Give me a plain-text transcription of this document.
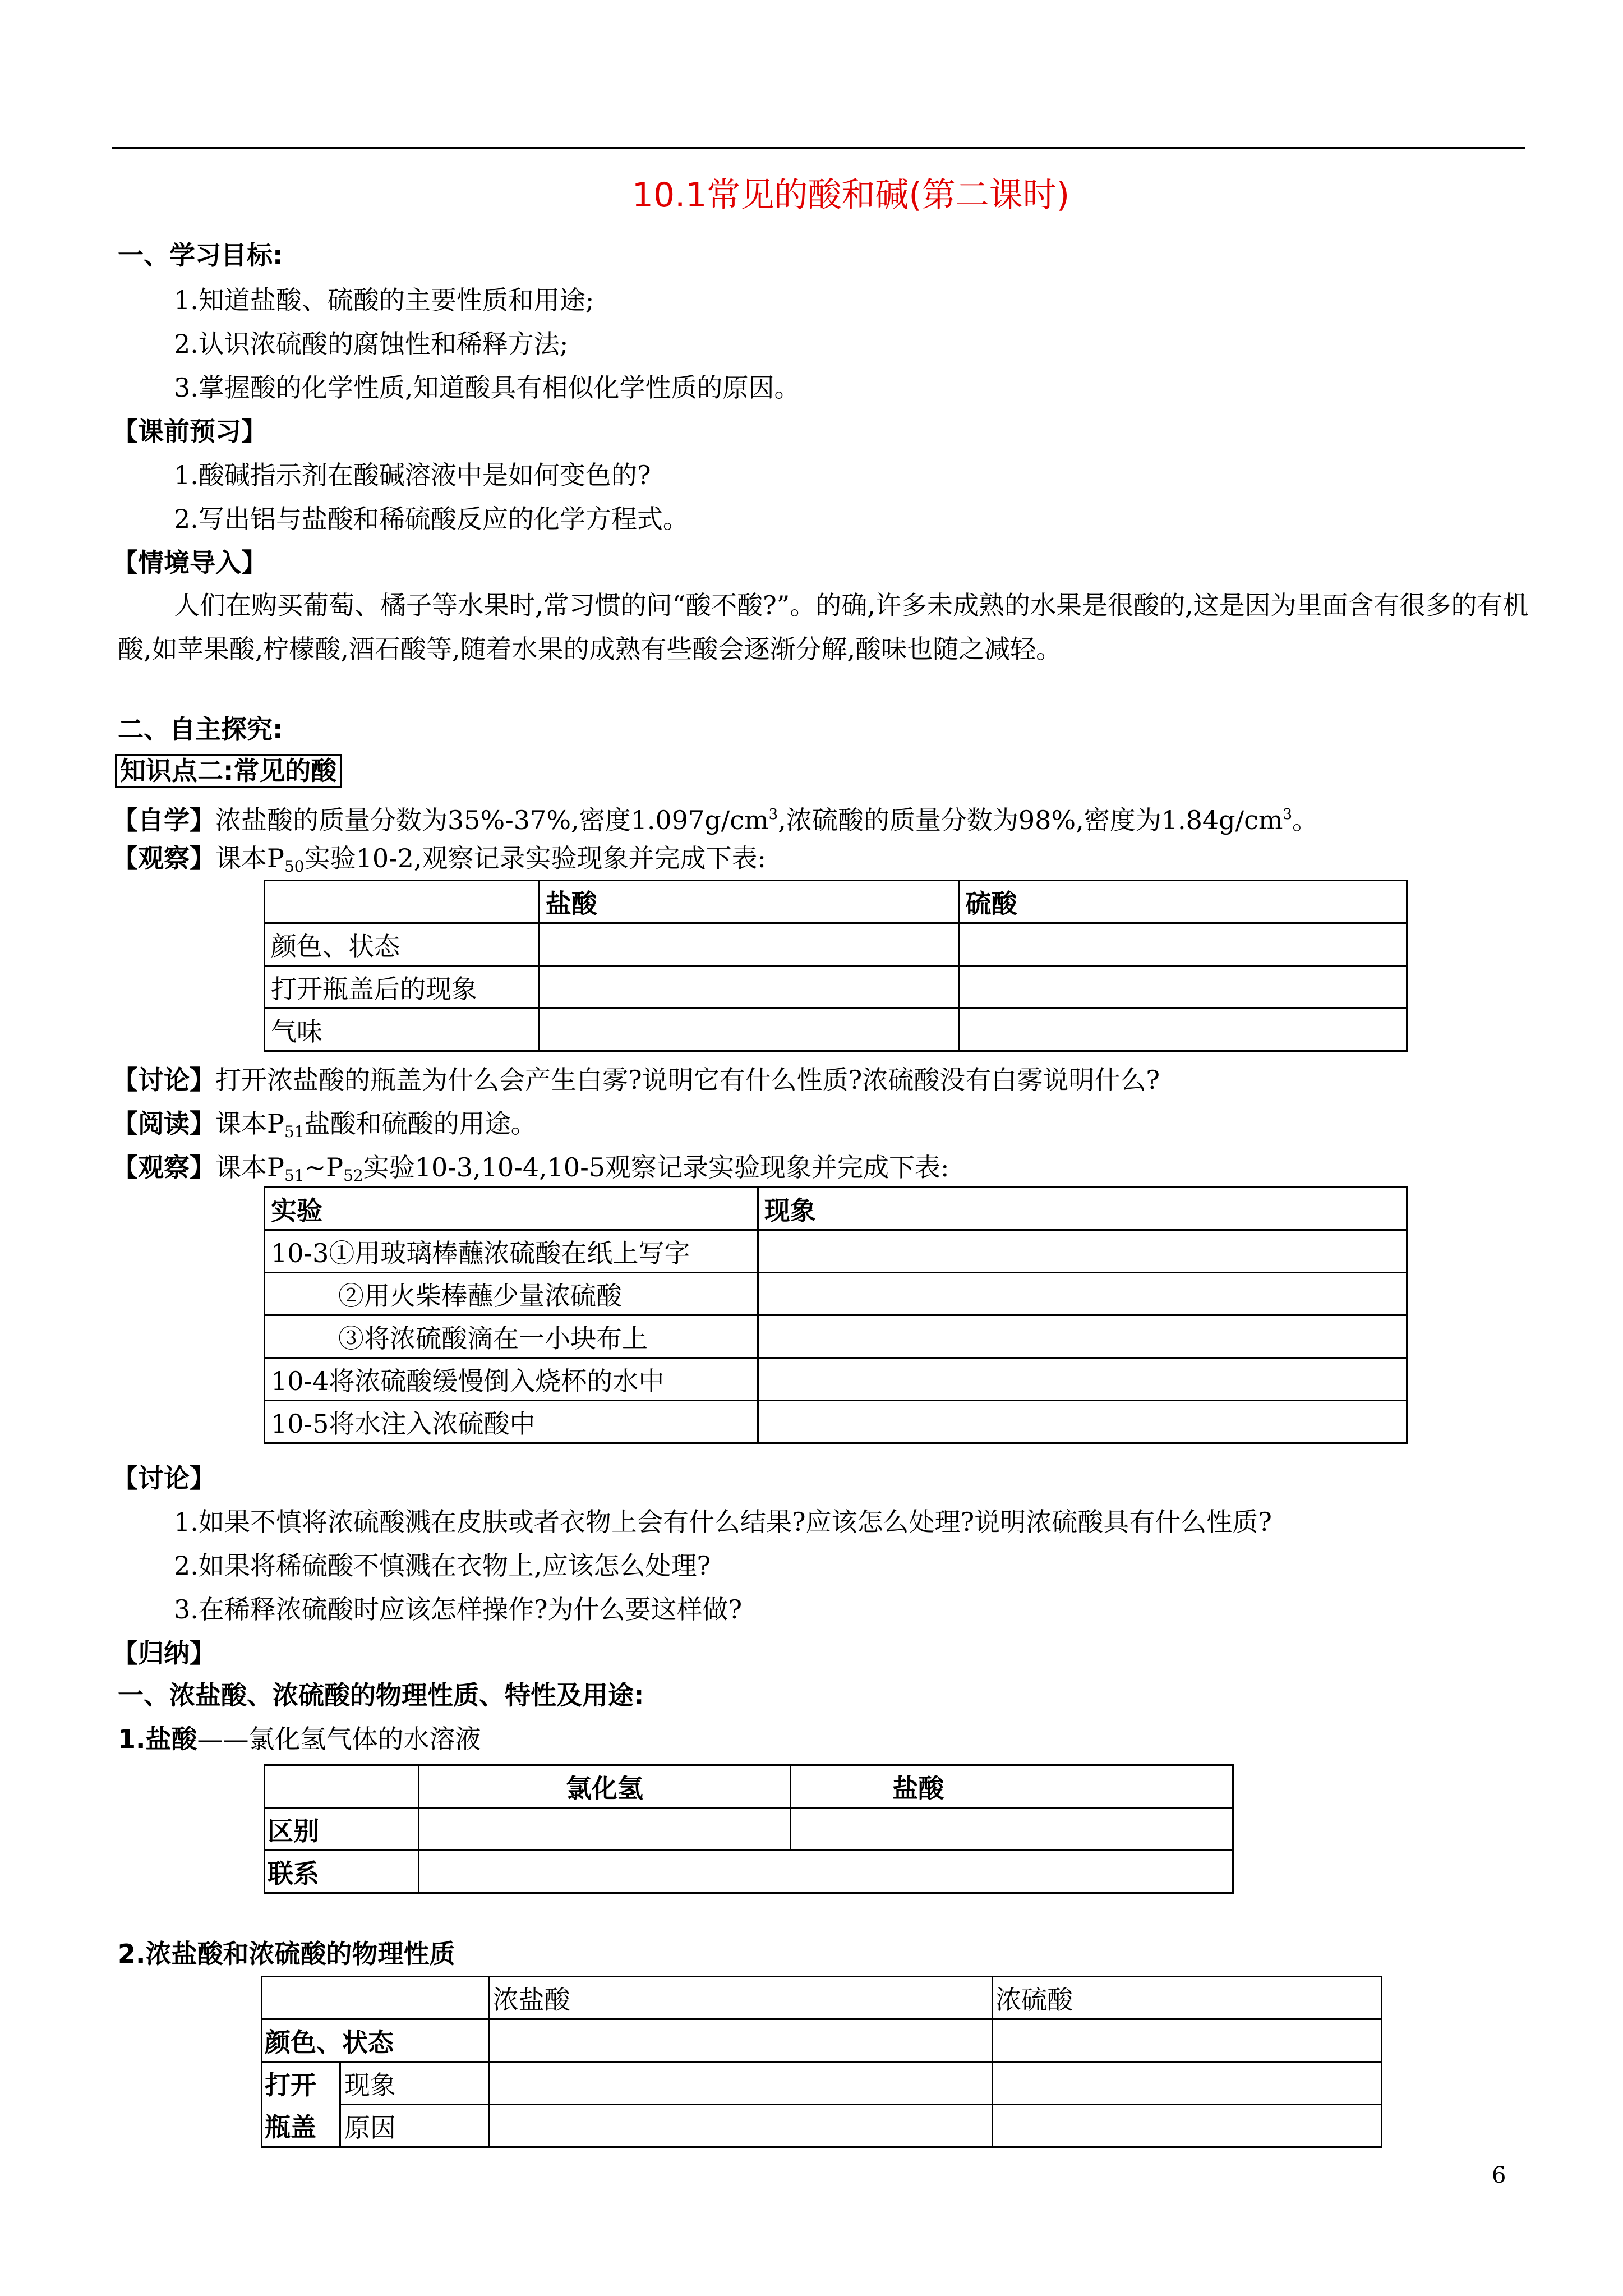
10.1常见的酸和碱(第二课时)
一、学习目标:
1.知道盐酸、硫酸的主要性质和用途;
2.认识浓硫酸的腐蚀性和稀释方法;
3.掌握酸的化学性质,知道酸具有相似化学性质的原因。
【课前预习】
1.酸碱指示剂在酸碱溶液中是如何变色的?
2.写出铝与盐酸和稀硫酸反应的化学方程式。
【情境导入】
人们在购买葡萄、橘子等水果时,常习惯的问“酸不酸?”。的确,许多未成熟的水果是很酸的,这是因为里面含有很多的有机酸,如苹果酸,柠檬酸,酒石酸等,随着水果的成熟有些酸会逐渐分解,酸味也随之减轻。
二、自主探究:
知识点二:常见的酸
【自学】浓盐酸的质量分数为35%-37%,密度$1.097g/cm^3$,浓硫酸的质量分数为98%,密度为$1.84g/cm^3$。
【观察】课本$P_{50}$实验10-2,观察记录实验现象并完成下表:
	盐酸	硫酸
颜色、状态		
打开瓶盖后的现象		
气味		
【讨论】打开浓盐酸的瓶盖为什么会产生白雾?说明它有什么性质?浓硫酸没有白雾说明什么?
【阅读】课本$P_{51}$盐酸和硫酸的用途。
【观察】课本$P_{51}\sim P_{52}$实验10-3,10-4,10-5观察记录实验现象并完成下表:
实验	现象
10-3①用玻璃棒蘸浓硫酸在纸上写字	
②用火柴棒蘸少量浓硫酸	
③将浓硫酸滴在一小块布上	
10-4将浓硫酸缓慢倒入烧杯的水中	
10-5将水注入浓硫酸中	
【讨论】
1.如果不慎将浓硫酸溅在皮肤或者衣物上会有什么结果?应该怎么处理?说明浓硫酸具有什么性质?
2.如果将稀硫酸不慎溅在衣物上,应该怎么处理?
3.在稀释浓硫酸时应该怎样操作?为什么要这样做?
【归纳】
一、浓盐酸、浓硫酸的物理性质、特性及用途:
1.盐酸——氯化氢气体的水溶液
	氯化氢	盐酸
区别		
联系		
2.浓盐酸和浓硫酸的物理性质
		浓盐酸	浓硫酸
颜色、状态			
打开	现象		
瓶盖	原因		
6
